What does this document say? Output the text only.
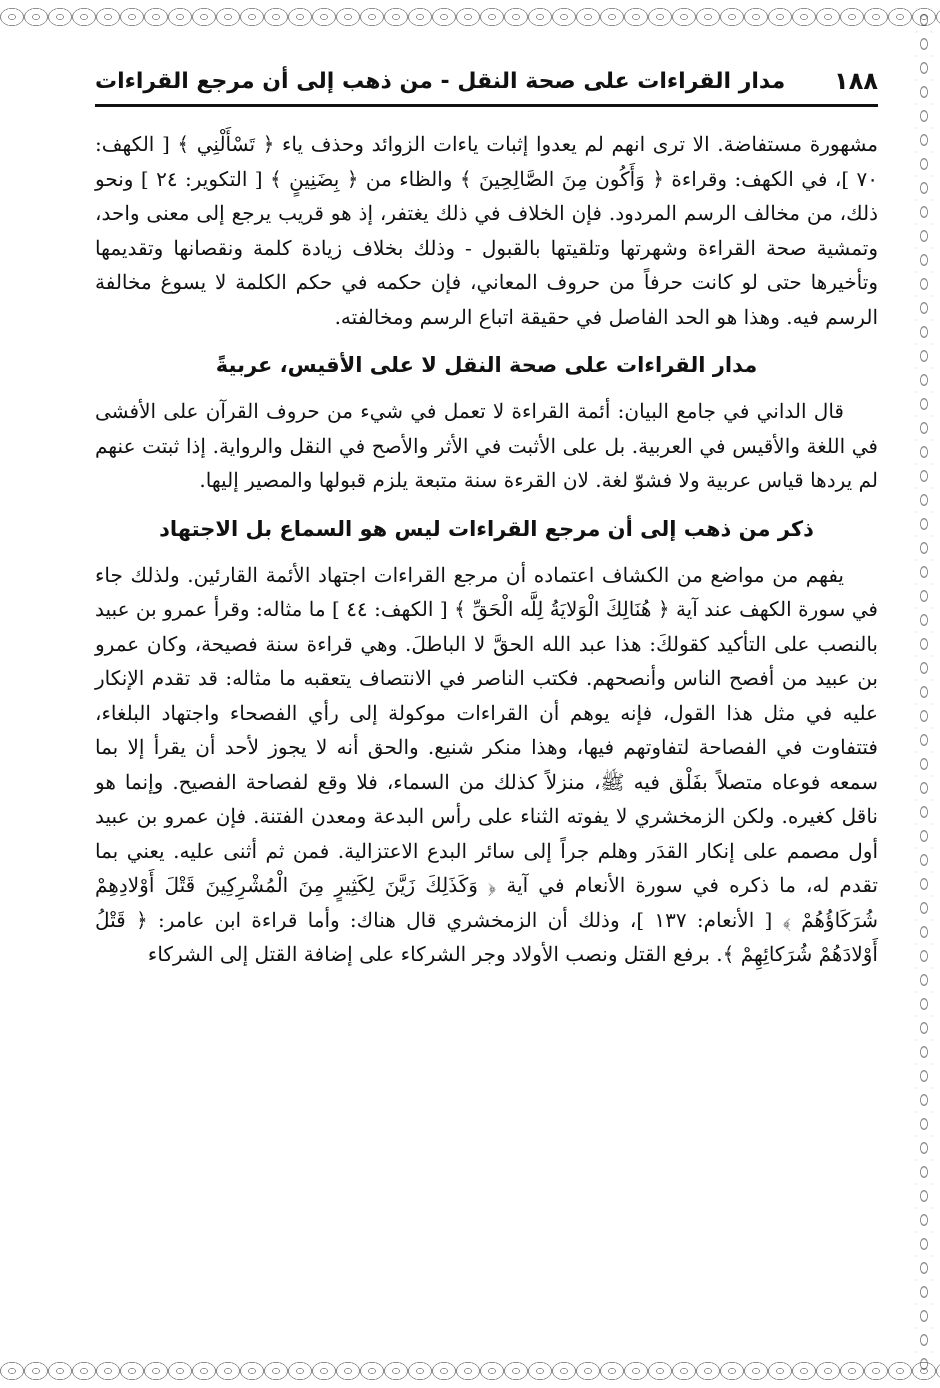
مدار القراءات على صحة النقل - من ذهب إلى أن مرجع القراءات ١٨٨

مشهورة مستفاضة. الا ترى انهم لم يعدوا إثبات ياءات الزوائد وحذف ياء ﴿ تَسْأَلْنِي ﴾ [ الكهف: ٧٠ ]، في الكهف: وقراءة ﴿ وَأَكُون مِنَ الصَّالِحِينَ ﴾ والظاء من ﴿ بِضَنِينٍ ﴾ [ التكوير: ٢٤ ] ونحو ذلك، من مخالف الرسم المردود. فإن الخلاف في ذلك يغتفر، إذ هو قريب يرجع إلى معنى واحد، وتمشية صحة القراءة وشهرتها وتلقيتها بالقبول - وذلك بخلاف زيادة كلمة ونقصانها وتقديمها وتأخيرها حتى لو كانت حرفاً من حروف المعاني، فإن حكمه في حكم الكلمة لا يسوغ مخالفة الرسم فيه. وهذا هو الحد الفاصل في حقيقة اتباع الرسم ومخالفته.

مدار القراءات على صحة النقل لا على الأقيس، عربيةً

قال الداني في جامع البيان: أئمة القراءة لا تعمل في شيء من حروف القرآن على الأفشى في اللغة والأقيس في العربية. بل على الأثبت في الأثر والأصح في النقل والرواية. إذا ثبتت عنهم لم يردها قياس عربية ولا فشوّ لغة. لان القرءة سنة متبعة يلزم قبولها والمصير إليها.

ذكر من ذهب إلى أن مرجع القراءات ليس هو السماع بل الاجتهاد

يفهم من مواضع من الكشاف اعتماده أن مرجع القراءات اجتهاد الأئمة القارئين. ولذلك جاء في سورة الكهف عند آية ﴿ هُنَالِكَ الْوَلايَةُ لِلَّه الْحَقِّ ﴾ [ الكهف: ٤٤ ] ما مثاله: وقرأ عمرو بن عبيد بالنصب على التأكيد كقولكَ: هذا عبد الله الحقَّ لا الباطلَ. وهي قراءة سنة فصيحة، وكان عمرو بن عبيد من أفصح الناس وأنصحهم. فكتب الناصر في الانتصاف يتعقبه ما مثاله: قد تقدم الإنكار عليه في مثل هذا القول، فإنه يوهم أن القراءات موكولة إلى رأي الفصحاء واجتهاد البلغاء، فتتفاوت في الفصاحة لتفاوتهم فيها، وهذا منكر شنيع. والحق أنه لا يجوز لأحد أن يقرأ إلا بما سمعه فوعاه متصلاً بفَلْق فيه ﷺ، منزلاً كذلك من السماء، فلا وقع لفصاحة الفصيح. وإنما هو ناقل كغيره. ولكن الزمخشري لا يفوته الثناء على رأس البدعة ومعدن الفتنة. فإن عمرو بن عبيد أول مصمم على إنكار القدَر وهلم جراً إلى سائر البدع الاعتزالية. فمن ثم أثنى عليه. يعني بما تقدم له، ما ذكره في سورة الأنعام في آية ﴿ وَكَذَلِكَ زَيَّنَ لِكَثِيرٍ مِنَ الْمُشْرِكِينَ قَتْلَ أَوْلادِهِمْ شُرَكَاؤُهُمْ ﴾ [ الأنعام: ١٣٧ ]، وذلك أن الزمخشري قال هناك: وأما قراءة ابن عامر: ﴿ قَتْلُ أَوْلادَهُمْ شُرَكائِهِمْ ﴾. برفع القتل ونصب الأولاد وجر الشركاء على إضافة القتل إلى الشركاء
